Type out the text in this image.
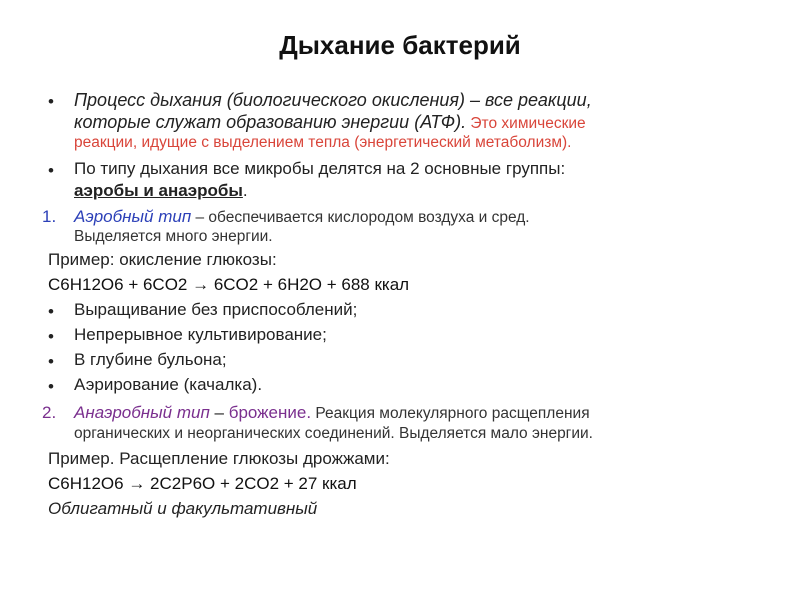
Дыхание бактерий
• Процесс дыхания (биологического окисления) – все реакции,
которые служат образованию энергии (АТФ). Это химические
реакции, идущие с выделением тепла (энергетический метаболизм).
• По типу дыхания все микробы делятся на 2 основные группы:
аэробы и анаэробы.
1. Аэробный тип – обеспечивается кислородом воздуха и сред.
Выделяется много энергии.
Пример: окисление глюкозы:
C6H12O6 + 6CO2 → 6CO2 + 6H2O + 688 ккал
• Выращивание без приспособлений;
• Непрерывное культивирование;
• В глубине бульона;
• Аэрирование (качалка).
2. Анаэробный тип – брожение. Реакция молекулярного расщепления
органических и неорганических соединений. Выделяется мало энергии.
Пример. Расщепление глюкозы дрожжами:
C6H12O6 → 2C2P6O + 2CO2 + 27 ккал
Облигатный и факультативный
